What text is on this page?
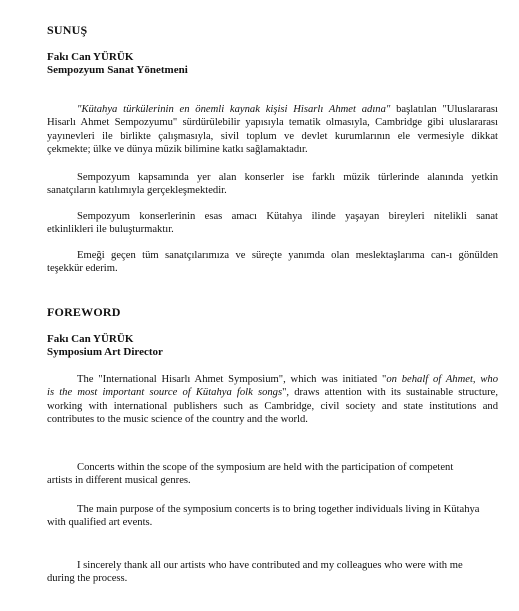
SUNUŞ
Fakı Can YÜRÜK
Sempozyum Sanat Yönetmeni
"Kütahya türkülerinin en önemli kaynak kişisi Hisarlı Ahmet adına" başlatılan "Uluslararası
Hisarlı Ahmet Sempozyumu" sürdürülebilir yapısıyla tematik olmasıyla, Cambridge gibi uluslararası
yayınevleri ile birlikte çalışmasıyla, sivil toplum ve devlet kurumlarının ele vermesiyle dikkat
çekmekte; ülke ve dünya müzik bilimine katkı sağlamaktadır.
Sempozyum kapsamında yer alan konserler ise farklı müzik türlerinde alanında yetkin
sanatçıların katılımıyla gerçekleşmektedir.
Sempozyum konserlerinin esas amacı Kütahya ilinde yaşayan bireyleri nitelikli sanat
etkinlikleri ile buluşturmaktır.
Emeği geçen tüm sanatçılarımıza ve süreçte yanımda olan meslektaşlarıma can-ı gönülden
teşekkür ederim.
FOREWORD
Fakı Can YÜRÜK
Symposium Art Director
The "International Hisarlı Ahmet Symposium", which was initiated "on behalf of Ahmet, who
is the most important source of Kütahya folk songs", draws attention with its sustainable structure,
working with international publishers such as Cambridge, civil society and state institutions and
contributes to the music science of the country and the world.
Concerts within the scope of the symposium are held with the participation of competent
artists in different musical genres.
The main purpose of the symposium concerts is to bring together individuals living in Kütahya
with qualified art events.
I sincerely thank all our artists who have contributed and my colleagues who were with me
during the process.
